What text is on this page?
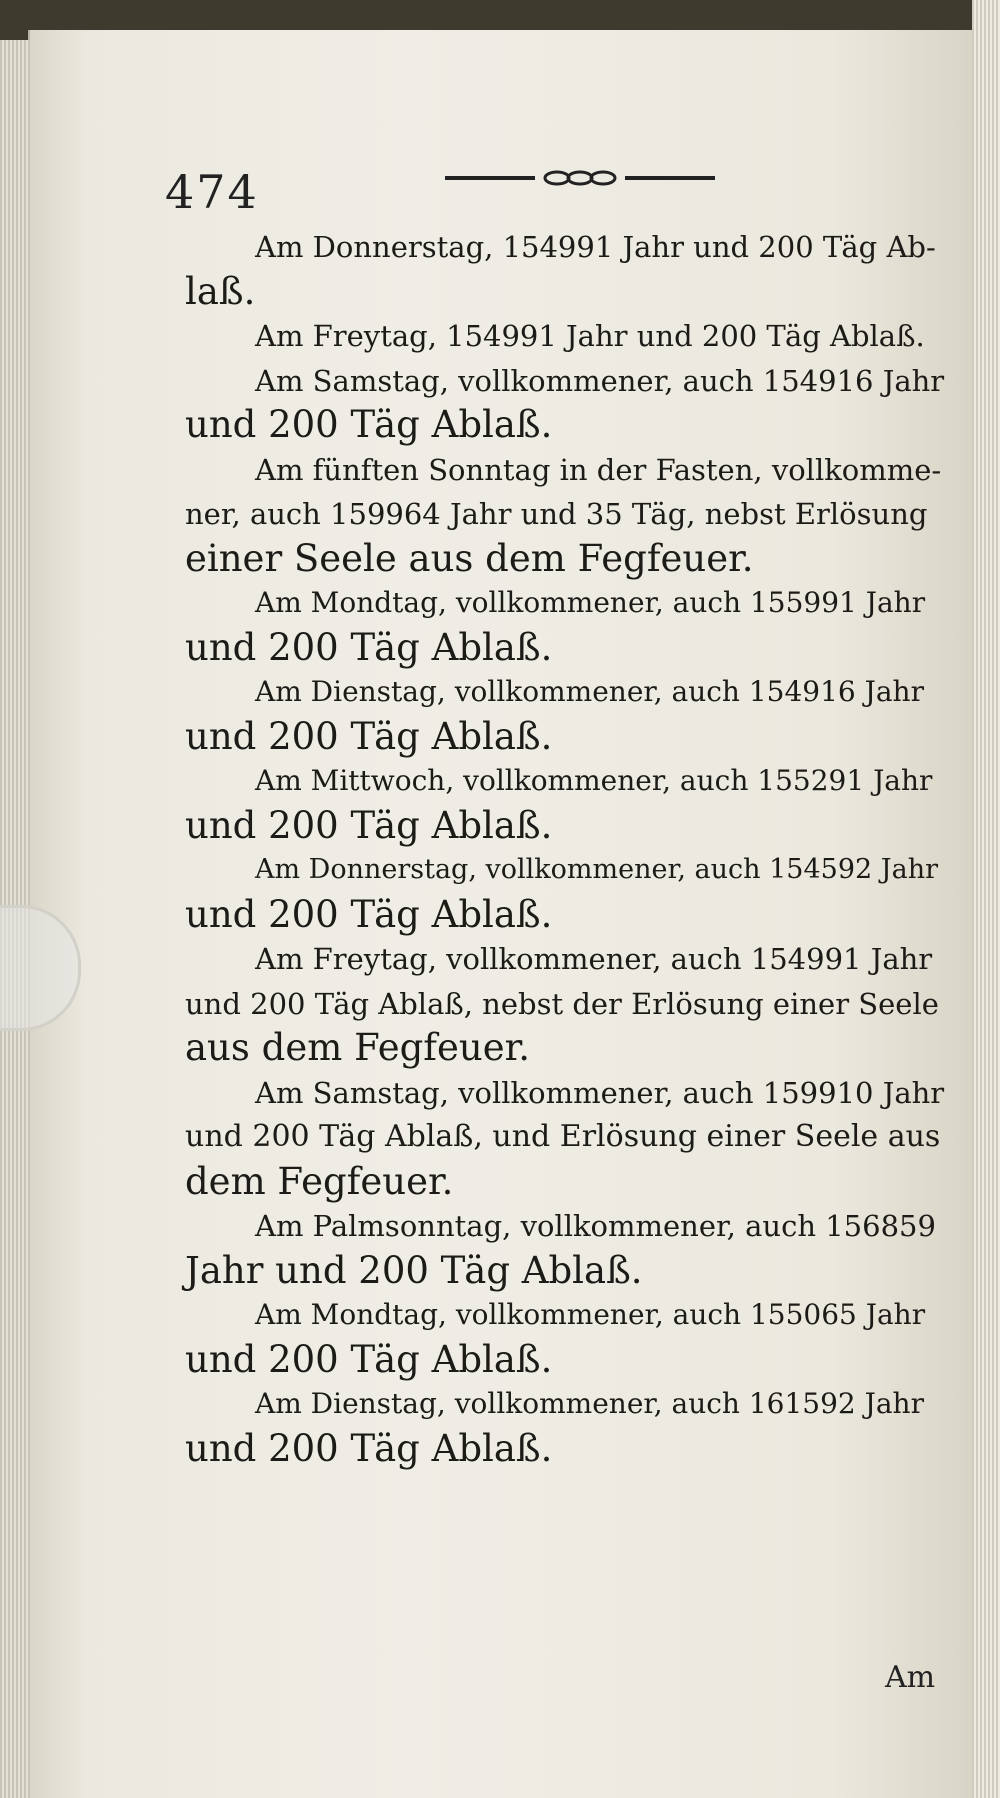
474
Am Donnerstag, 154991 Jahr und 200 Täg Ab-
laß.
Am Freytag, 154991 Jahr und 200 Täg Ablaß.
Am Samstag, vollkommener, auch 154916 Jahr
und 200 Täg Ablaß.
Am fünften Sonntag in der Fasten, vollkomme-
ner, auch 159964 Jahr und 35 Täg, nebst Erlösung
einer Seele aus dem Fegfeuer.
Am Mondtag, vollkommener, auch 155991 Jahr
und 200 Täg Ablaß.
Am Dienstag, vollkommener, auch 154916 Jahr
und 200 Täg Ablaß.
Am Mittwoch, vollkommener, auch 155291 Jahr
und 200 Täg Ablaß.
Am Donnerstag, vollkommener, auch 154592 Jahr
und 200 Täg Ablaß.
Am Freytag, vollkommener, auch 154991 Jahr
und 200 Täg Ablaß, nebst der Erlösung einer Seele
aus dem Fegfeuer.
Am Samstag, vollkommener, auch 159910 Jahr
und 200 Täg Ablaß, und Erlösung einer Seele aus
dem Fegfeuer.
Am Palmsonntag, vollkommener, auch 156859
Jahr und 200 Täg Ablaß.
Am Mondtag, vollkommener, auch 155065 Jahr
und 200 Täg Ablaß.
Am Dienstag, vollkommener, auch 161592 Jahr
und 200 Täg Ablaß.
Am
